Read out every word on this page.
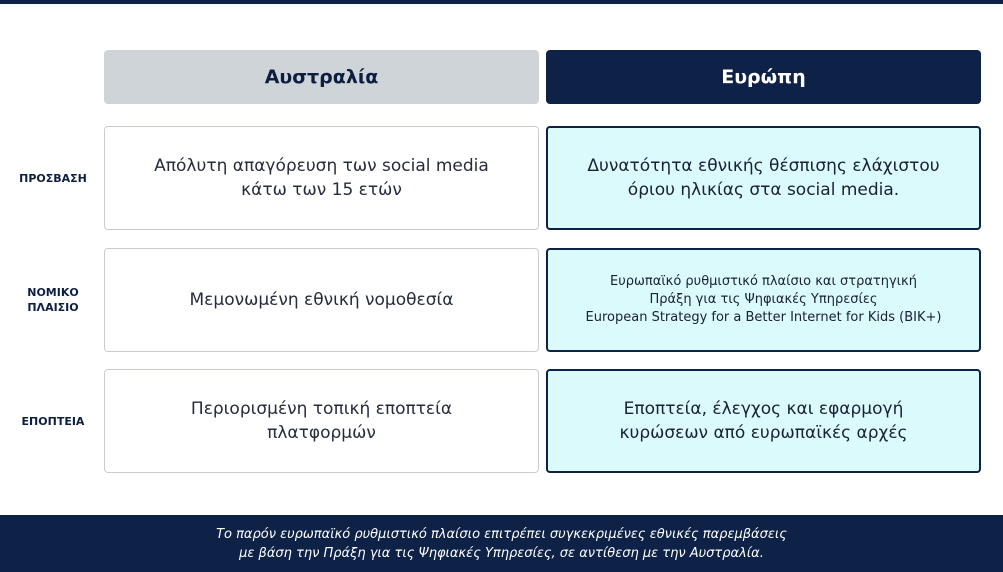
Αυστραλία	Ευρώπη
ΠΡΟΣΒΑΣΗ
Απόλυτη απαγόρευση των social media
κάτω των 15 ετών
Δυνατότητα εθνικής θέσπισης ελάχιστου
όριου ηλικίας στα social media.
ΝΟΜΙΚΟ
ΠΛΑΙΣΙΟ	Μεμονωμένη εθνική νομοθεσία
Ευρωπαϊκό ρυθμιστικό πλαίσιο και στρατηγική
Πράξη για τις Ψηφιακές Υπηρεσίες
European Strategy for a Better Internet for Kids (BIK+)
ΕΠΟΠΤΕΙΑ
Περιορισμένη τοπική εποπτεία
πλατφορμών
Εποπτεία, έλεγχος και εφαρμογή
κυρώσεων από ευρωπαϊκές αρχές
Το παρόν ευρωπαϊκό ρυθμιστικό πλαίσιο επιτρέπει συγκεκριμένες εθνικές παρεμβάσεις
με βάση την Πράξη για τις Ψηφιακές Υπηρεσίες, σε αντίθεση με την Αυστραλία.
